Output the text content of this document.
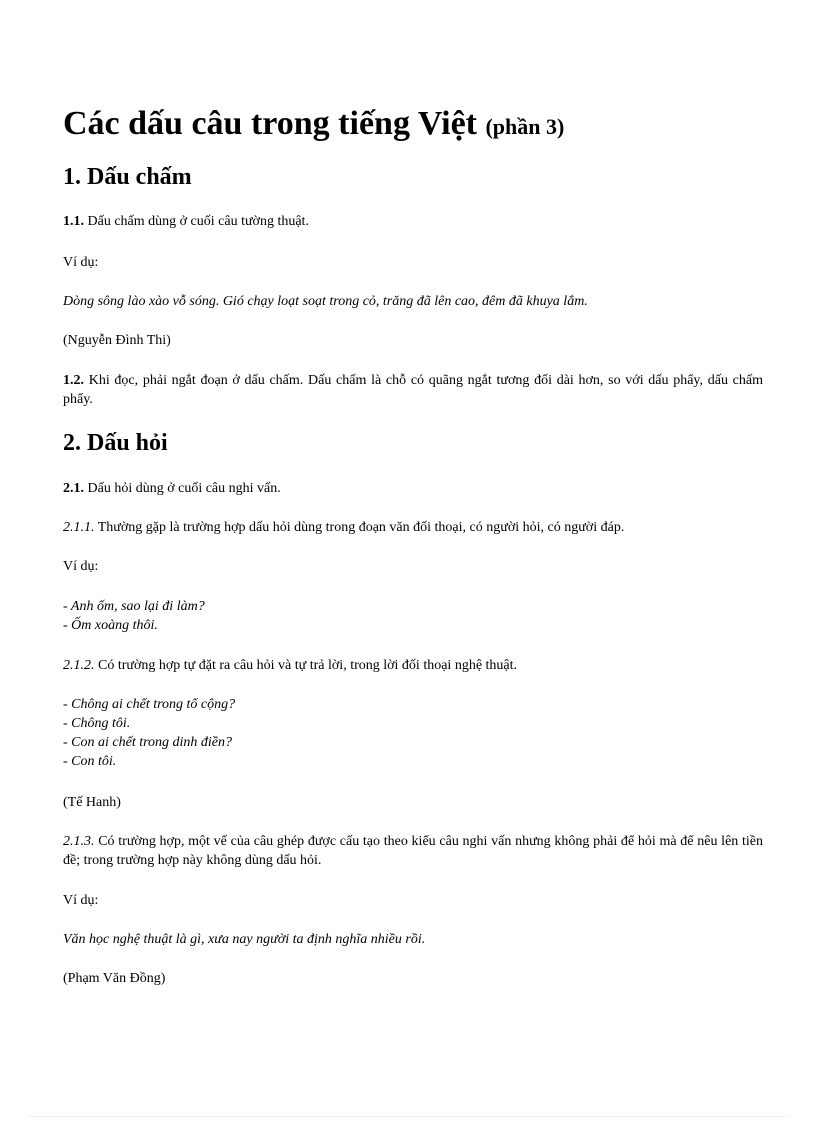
Các dấu câu trong tiếng Việt (phần 3)
1. Dấu chấm

1.1. Dấu chấm dùng ở cuối câu tường thuật.

Ví dụ:

Dòng sông lào xào vỗ sóng. Gió chạy loạt soạt trong cỏ, trăng đã lên cao, đêm đã khuya lắm.

(Nguyễn Đình Thi)

1.2. Khi đọc, phải ngắt đoạn ở dấu chấm. Dấu chấm là chỗ có quãng ngắt tương đối dài hơn, so với dấu phẩy, dấu chấm phẩy.

2. Dấu hỏi

2.1. Dấu hỏi dùng ở cuối câu nghi vấn.

2.1.1. Thường gặp là trường hợp dấu hỏi dùng trong đoạn văn đối thoại, có người hỏi, có người đáp.

Ví dụ:

- Anh ốm, sao lại đi làm?

- Ốm xoàng thôi.

2.1.2. Có trường hợp tự đặt ra câu hỏi và tự trả lời, trong lời đối thoại nghệ thuật.

- Chông ai chết trong tổ cộng?

- Chông tôi.

- Con ai chết trong dinh điền?

- Con tôi.

(Tế Hanh)

2.1.3. Có trường hợp, một vế của câu ghép được cấu tạo theo kiểu câu nghi vấn nhưng không phải để hỏi mà để nêu lên tiền đề; trong trường hợp này không dùng dấu hỏi.

Ví dụ:

Văn học nghệ thuật là gì, xưa nay người ta định nghĩa nhiều rồi.

(Phạm Văn Đồng)
